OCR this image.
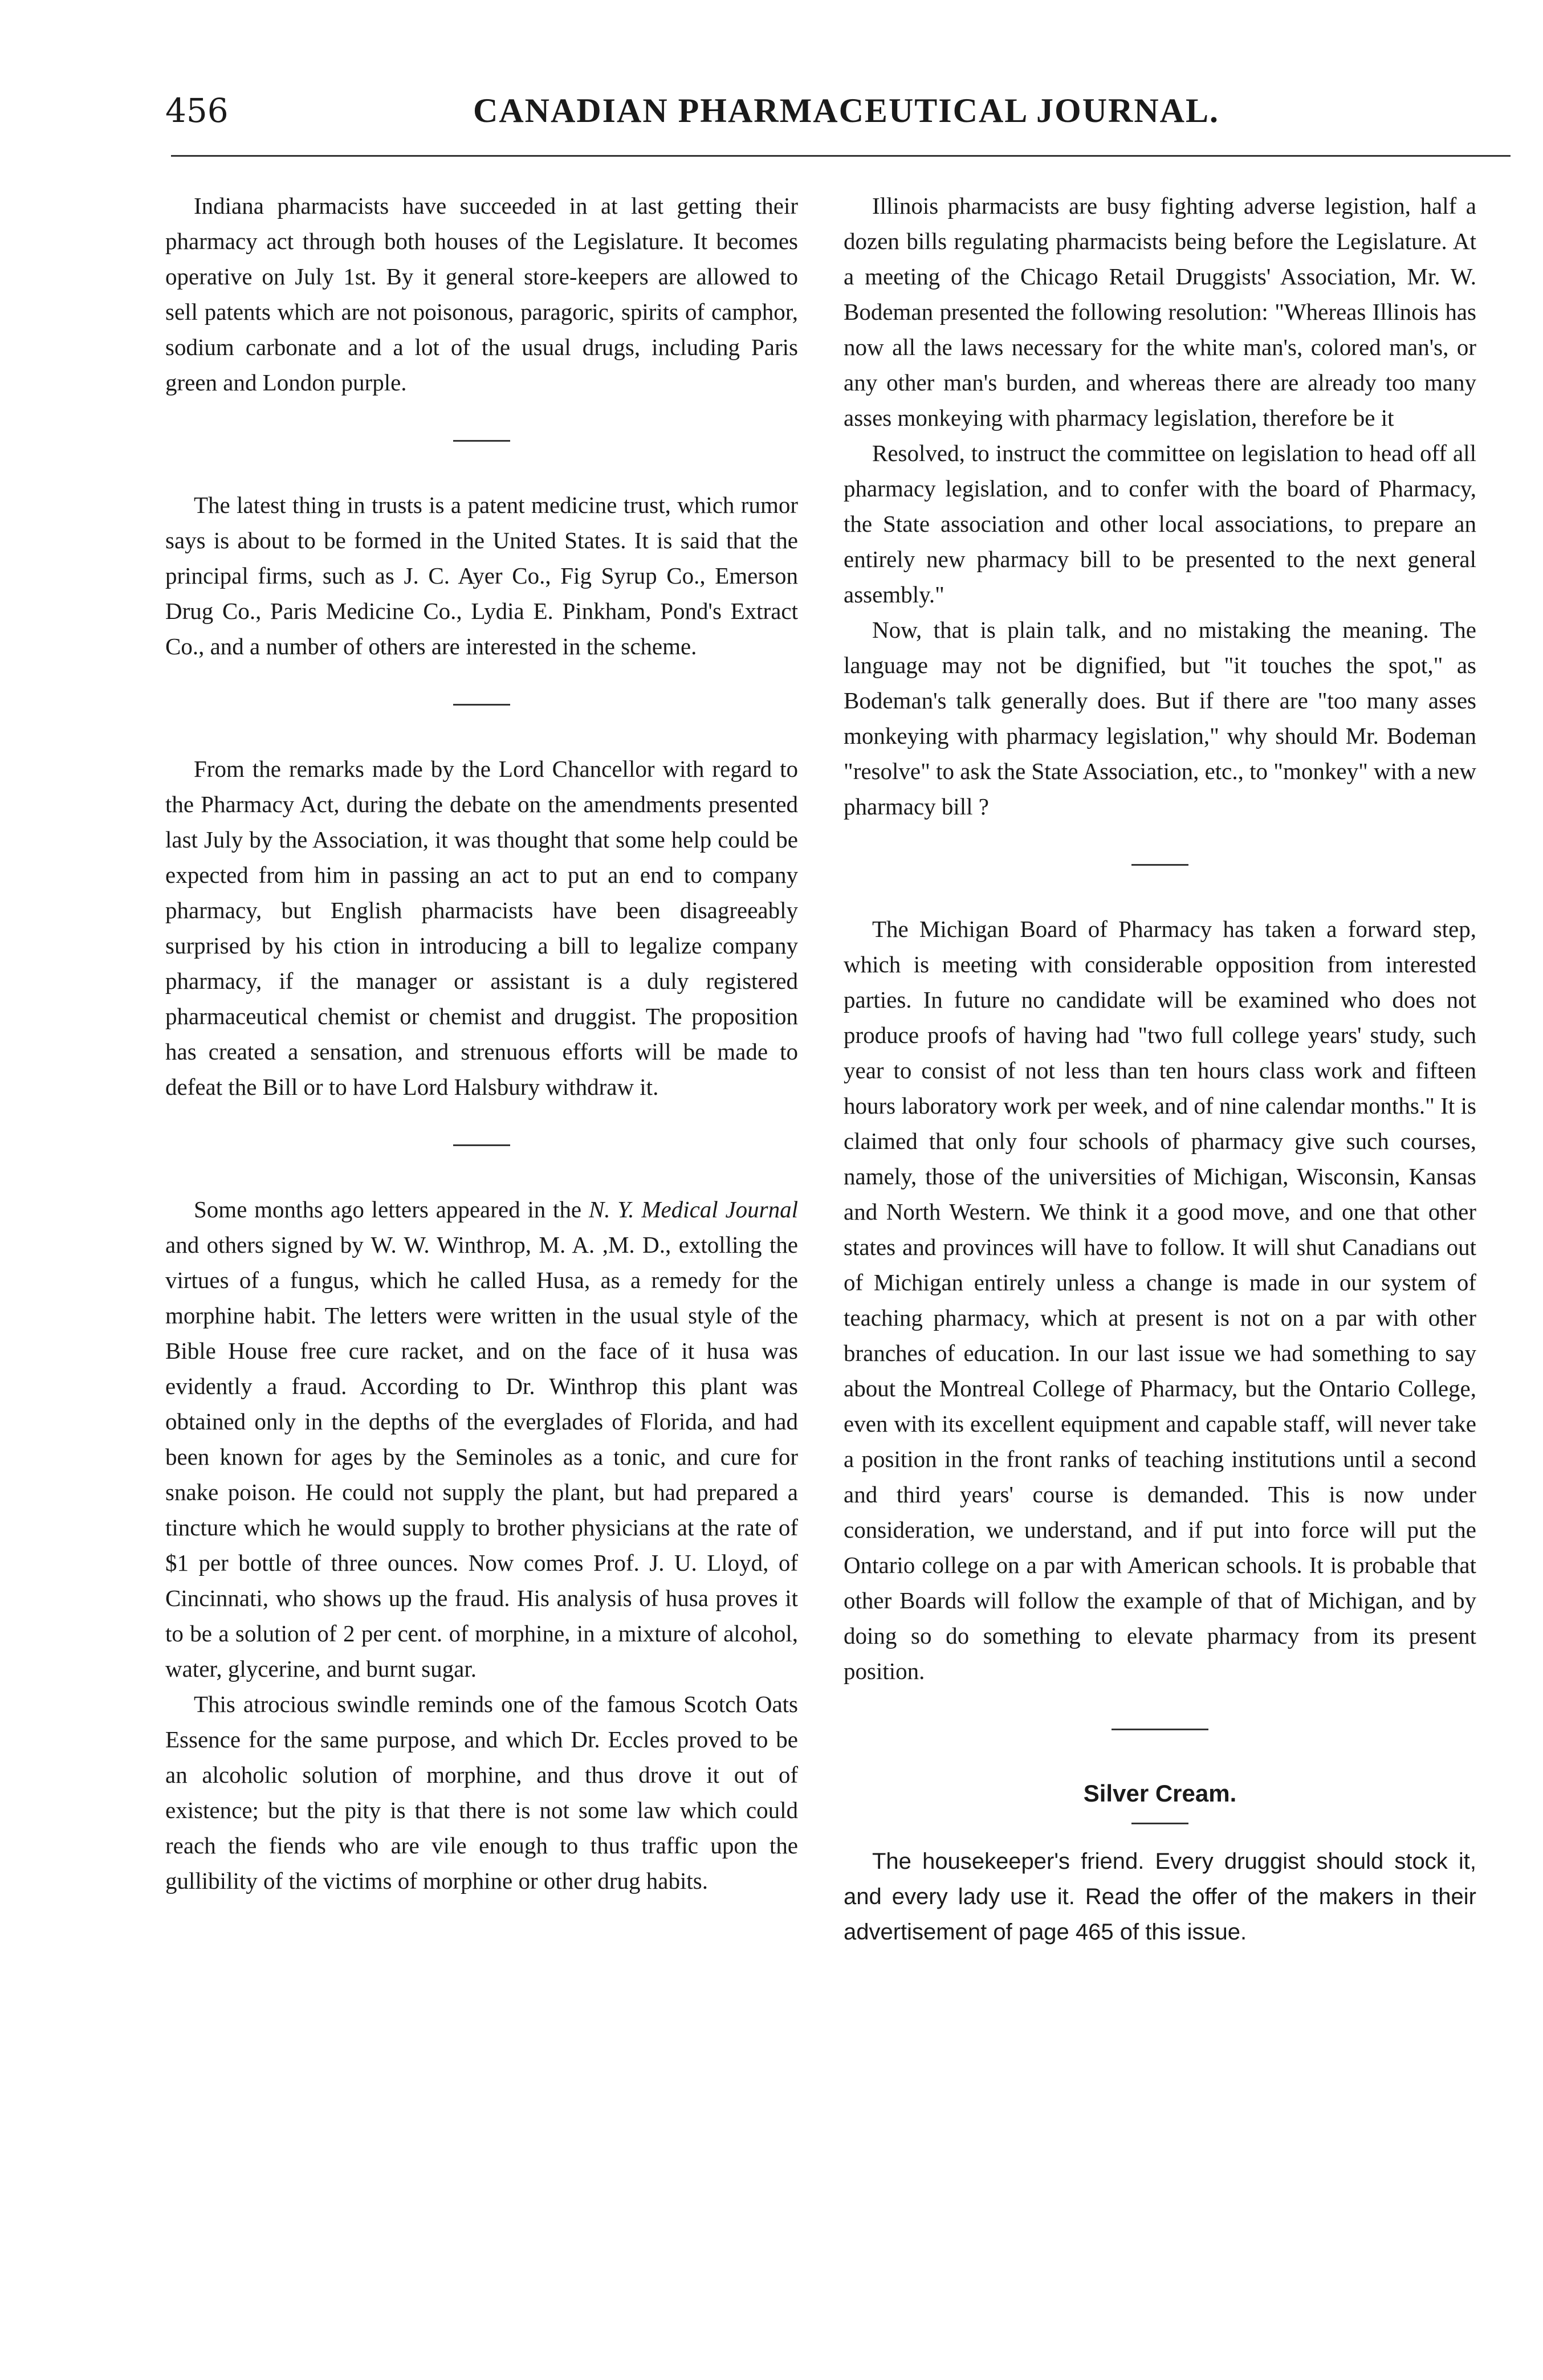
456	CANADIAN PHARMACEUTICAL JOURNAL.

Indiana pharmacists have succeeded in at last getting their pharmacy act through both houses of the Legislature. It becomes operative on July 1st. By it general store-keepers are allowed to sell patents which are not poisonous, paragoric, spirits of camphor, sodium carbonate and a lot of the usual drugs, including Paris green and London purple.

The latest thing in trusts is a patent medicine trust, which rumor says is about to be formed in the United States. It is said that the principal firms, such as J. C. Ayer Co., Fig Syrup Co., Emerson Drug Co., Paris Medicine Co., Lydia E. Pinkham, Pond's Extract Co., and a number of others are interested in the scheme.

From the remarks made by the Lord Chancellor with regard to the Pharmacy Act, during the debate on the amendments presented last July by the Association, it was thought that some help could be expected from him in passing an act to put an end to company pharmacy, but English pharmacists have been disagreeably surprised by his ction in introducing a bill to legalize company pharmacy, if the manager or assistant is a duly registered pharmaceutical chemist or chemist and druggist. The proposition has created a sensation, and strenuous efforts will be made to defeat the Bill or to have Lord Halsbury withdraw it.

Some months ago letters appeared in the N. Y. Medical Journal and others signed by W. W. Winthrop, M. A. ,M. D., extolling the virtues of a fungus, which he called Husa, as a remedy for the morphine habit. The letters were written in the usual style of the Bible House free cure racket, and on the face of it husa was evidently a fraud. According to Dr. Winthrop this plant was obtained only in the depths of the everglades of Florida, and had been known for ages by the Seminoles as a tonic, and cure for snake poison. He could not supply the plant, but had prepared a tincture which he would supply to brother physicians at the rate of $1 per bottle of three ounces. Now comes Prof. J. U. Lloyd, of Cincinnati, who shows up the fraud. His analysis of husa proves it to be a solution of 2 per cent. of morphine, in a mixture of alcohol, water, glycerine, and burnt sugar.

This atrocious swindle reminds one of the famous Scotch Oats Essence for the same purpose, and which Dr. Eccles proved to be an alcoholic solution of morphine, and thus drove it out of existence; but the pity is that there is not some law which could reach the fiends who are vile enough to thus traffic upon the gullibility of the victims of morphine or other drug habits.

Illinois pharmacists are busy fighting adverse legistion, half a dozen bills regulating pharmacists being before the Legislature. At a meeting of the Chicago Retail Druggists' Association, Mr. W. Bodeman presented the following resolution: "Whereas Illinois has now all the laws necessary for the white man's, colored man's, or any other man's burden, and whereas there are already too many asses monkeying with pharmacy legislation, therefore be it

Resolved, to instruct the committee on legislation to head off all pharmacy legislation, and to confer with the board of Pharmacy, the State association and other local associations, to prepare an entirely new pharmacy bill to be presented to the next general assembly."

Now, that is plain talk, and no mistaking the meaning. The language may not be dignified, but "it touches the spot," as Bodeman's talk generally does. But if there are "too many asses monkeying with pharmacy legislation," why should Mr. Bodeman "resolve" to ask the State Association, etc., to "monkey" with a new pharmacy bill ?

The Michigan Board of Pharmacy has taken a forward step, which is meeting with considerable opposition from interested parties. In future no candidate will be examined who does not produce proofs of having had "two full college years' study, such year to consist of not less than ten hours class work and fifteen hours laboratory work per week, and of nine calendar months." It is claimed that only four schools of pharmacy give such courses, namely, those of the universities of Michigan, Wisconsin, Kansas and North Western. We think it a good move, and one that other states and provinces will have to follow. It will shut Canadians out of Michigan entirely unless a change is made in our system of teaching pharmacy, which at present is not on a par with other branches of education. In our last issue we had something to say about the Montreal College of Pharmacy, but the Ontario College, even with its excellent equipment and capable staff, will never take a position in the front ranks of teaching institutions until a second and third years' course is demanded. This is now under consideration, we understand, and if put into force will put the Ontario college on a par with American schools. It is probable that other Boards will follow the example of that of Michigan, and by doing so do something to elevate pharmacy from its present position.

Silver Cream.

The housekeeper's friend. Every druggist should stock it, and every lady use it. Read the offer of the makers in their advertisement of page 465 of this issue.
